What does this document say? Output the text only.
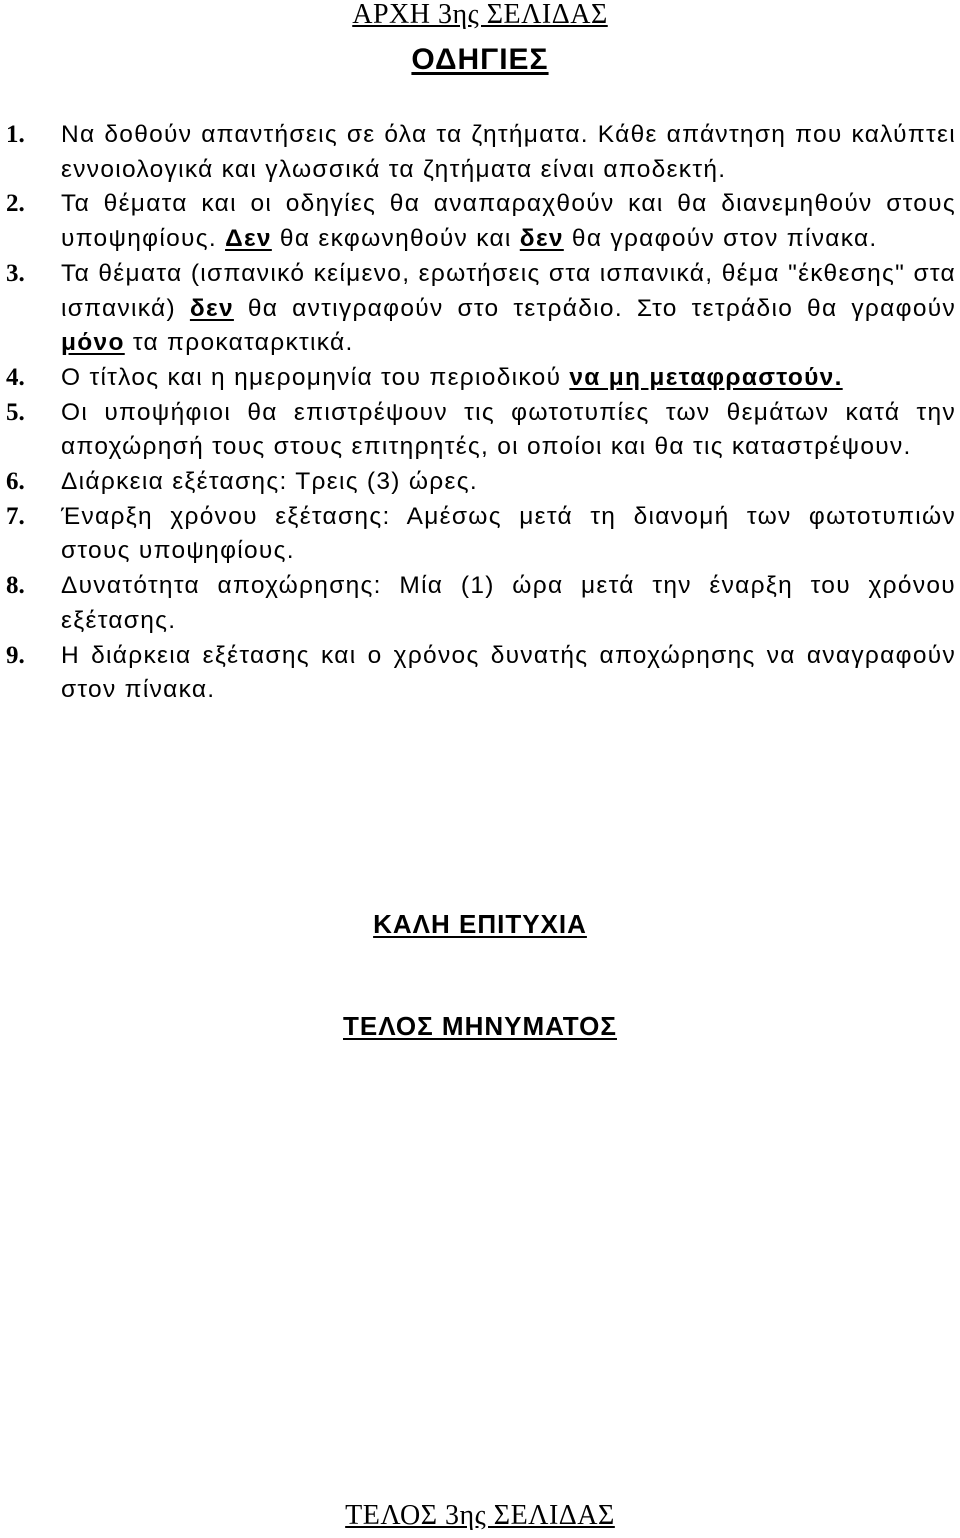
ΑΡΧΗ 3ης ΣΕΛΙΔΑΣ
ΟΔΗΓΙΕΣ
1. Να δοθούν απαντήσεις σε όλα τα ζητήματα. Κάθε απάντηση που καλύπτει εννοιολογικά και γλωσσικά τα ζητήματα είναι αποδεκτή.
2. Τα θέματα και οι οδηγίες θα αναπαραχθούν και θα διανεμηθούν στους υποψηφίους. Δεν θα εκφωνηθούν και δεν θα γραφούν στον πίνακα.
3. Τα θέματα (ισπανικό κείμενο, ερωτήσεις στα ισπανικά, θέμα "έκθεσης" στα ισπανικά) δεν θα αντιγραφούν στο τετράδιο. Στο τετράδιο θα γραφούν μόνο τα προκαταρκτικά.
4. Ο τίτλος και η ημερομηνία του περιοδικού να μη μεταφραστούν.
5. Οι υποψήφιοι θα επιστρέψουν τις φωτοτυπίες των θεμάτων κατά την αποχώρησή τους στους επιτηρητές, οι οποίοι και θα τις καταστρέψουν.
6. Διάρκεια εξέτασης: Τρεις (3) ώρες.
7. Έναρξη χρόνου εξέτασης: Αμέσως μετά τη διανομή των φωτοτυπιών στους υποψηφίους.
8. Δυνατότητα αποχώρησης: Μία (1) ώρα μετά την έναρξη του χρόνου εξέτασης.
9. Η διάρκεια εξέτασης και ο χρόνος δυνατής αποχώρησης να αναγραφούν στον πίνακα.
ΚΑΛΗ ΕΠΙΤΥΧΙΑ
ΤΕΛΟΣ ΜΗΝΥΜΑΤΟΣ
ΤΕΛΟΣ 3ης ΣΕΛΙΔΑΣ
